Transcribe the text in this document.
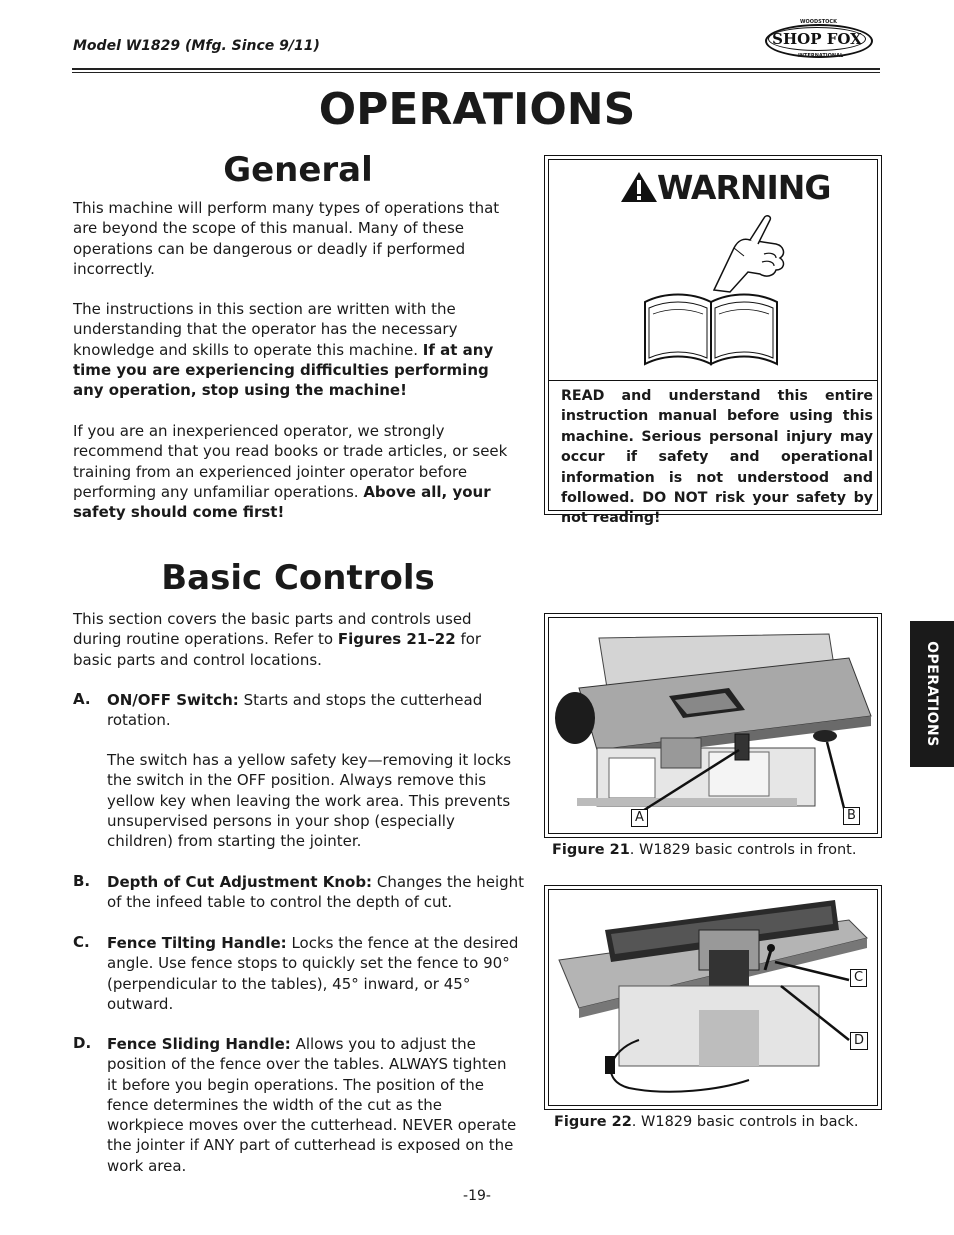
Model W1829 (Mfg. Since 9/11)
WOODSTOCK
SHOP FOX
INTERNATIONAL
OPERATIONS
General
This machine will perform many types of operations that are beyond the scope of this manual. Many of these operations can be dangerous or deadly if performed incorrectly.
The instructions in this section are written with the understanding that the operator has the necessary knowledge and skills to operate this machine. If at any time you are experiencing difficulties performing any operation, stop using the machine!
If you are an inexperienced operator, we strongly recommend that you read books or trade articles, or seek training from an experienced jointer operator before performing any unfamiliar operations. Above all, your safety should come first!
WARNING
READ and understand this entire instruction manual before using this machine. Serious personal injury may occur if safety and operational information is not understood and followed. DO NOT risk your safety by not reading!
Basic Controls
This section covers the basic parts and controls used during routine operations. Refer to Figures 21–22 for basic parts and control locations.
A. ON/OFF Switch: Starts and stops the cutterhead rotation.
The switch has a yellow safety key—removing it locks the switch in the OFF position. Always remove this yellow key when leaving the work area. This prevents unsupervised persons in your shop (especially children) from starting the jointer.
B. Depth of Cut Adjustment Knob: Changes the height of the infeed table to control the depth of cut.
C. Fence Tilting Handle: Locks the fence at the desired angle. Use fence stops to quickly set the fence to 90° (perpendicular to the tables), 45° inward, or 45° outward.
D. Fence Sliding Handle: Allows you to adjust the position of the fence over the tables. ALWAYS tighten it before you begin operations. The position of the fence determines the width of the cut as the workpiece moves over the cutterhead. NEVER operate the jointer if ANY part of cutterhead is exposed on the work area.
A	B
Figure 21. W1829 basic controls in front.
C
D
Figure 22. W1829 basic controls in back.
OPERATIONS
-19-
